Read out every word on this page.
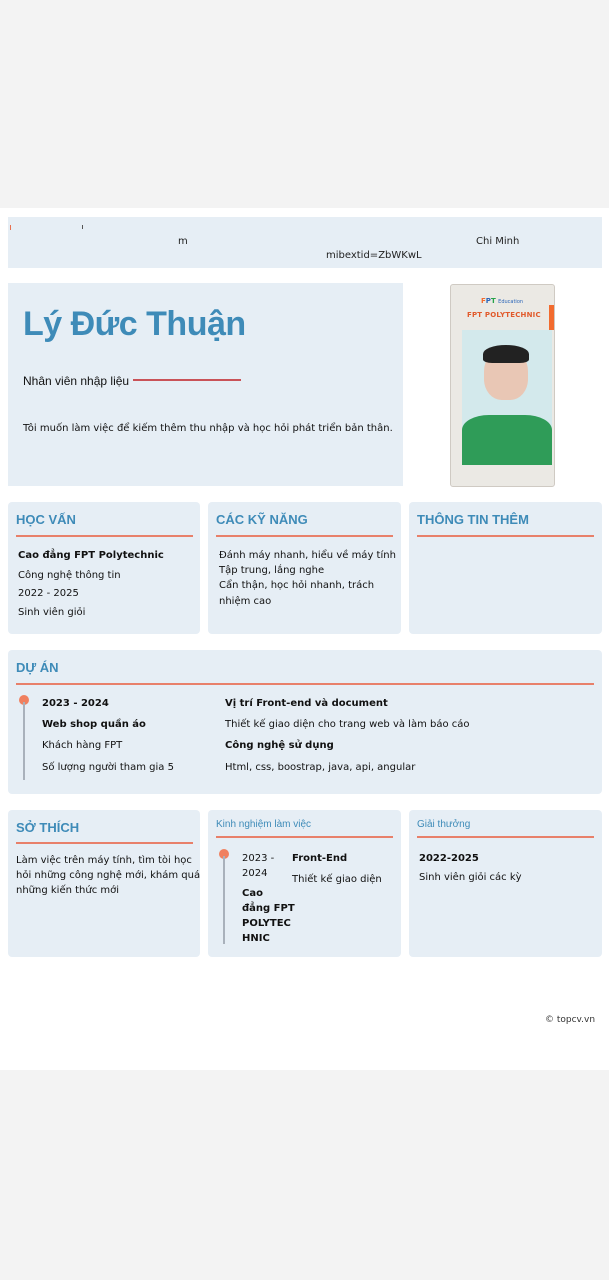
m	Chi Minh
mibextid=ZbWKwL
Lý Đức Thuận
Nhân viên nhập liệu
Tôi muốn làm việc để kiếm thêm thu nhập và học hỏi phát triển bản thân.
FPT Education
FPT POLYTECHNIC
HỌC VẤN
Cao đẳng FPT Polytechnic
Công nghệ thông tin
2022 - 2025
Sinh viên giỏi
CÁC KỸ NĂNG
Đánh máy nhanh, hiểu về máy tính
Tập trung, lắng nghe
Cẩn thận, học hỏi nhanh, trách
nhiệm cao
THÔNG TIN THÊM
DỰ ÁN
2023 - 2024
Web shop quần áo
Khách hàng FPT
Số lượng người tham gia 5
Vị trí Front-end và document
Thiết kế giao diện cho trang web và làm báo cáo
Công nghệ sử dụng
Html, css, boostrap, java, api, angular
SỞ THÍCH
Làm việc trên máy tính, tìm tòi học
hỏi những công nghệ mới, khám quá
những kiến thức mới
Kinh nghiệm làm việc
2023 -
2024
Cao
đẳng FPT
POLYTEC
HNIC
Front-End
Thiết kế giao diện
Giải thưởng
2022-2025
Sinh viên giỏi các kỳ
© topcv.vn
